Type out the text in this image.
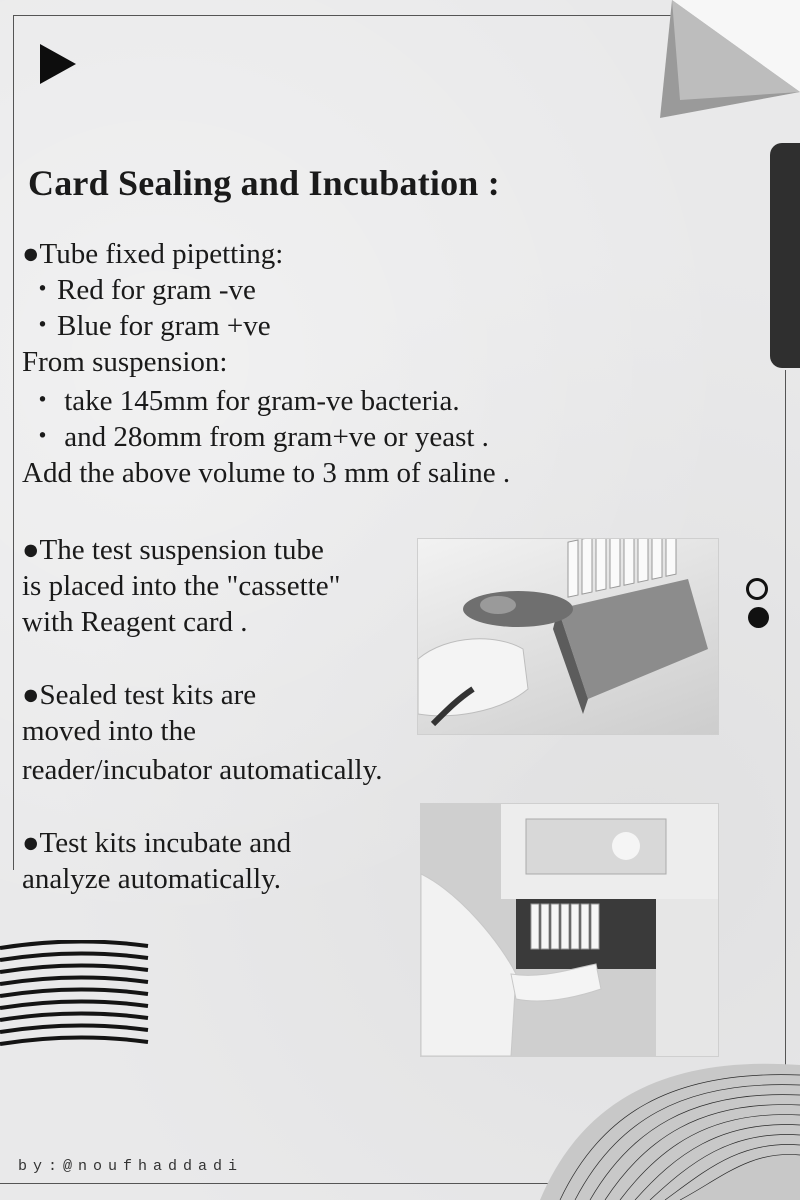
Card Sealing and Incubation :
●Tube fixed pipetting:
・Red for gram -ve
・Blue for gram +ve
From suspension:
・ take 145mm for gram-ve bacteria.
・ and 28omm from gram+ve or yeast .
Add the above volume to 3 mm of saline .
●The test suspension tube
is placed into the "cassette"
with Reagent card .
●Sealed test kits are
moved into the
reader/incubator automatically.
●Test kits incubate and
analyze automatically.
by:@noufhaddadi
